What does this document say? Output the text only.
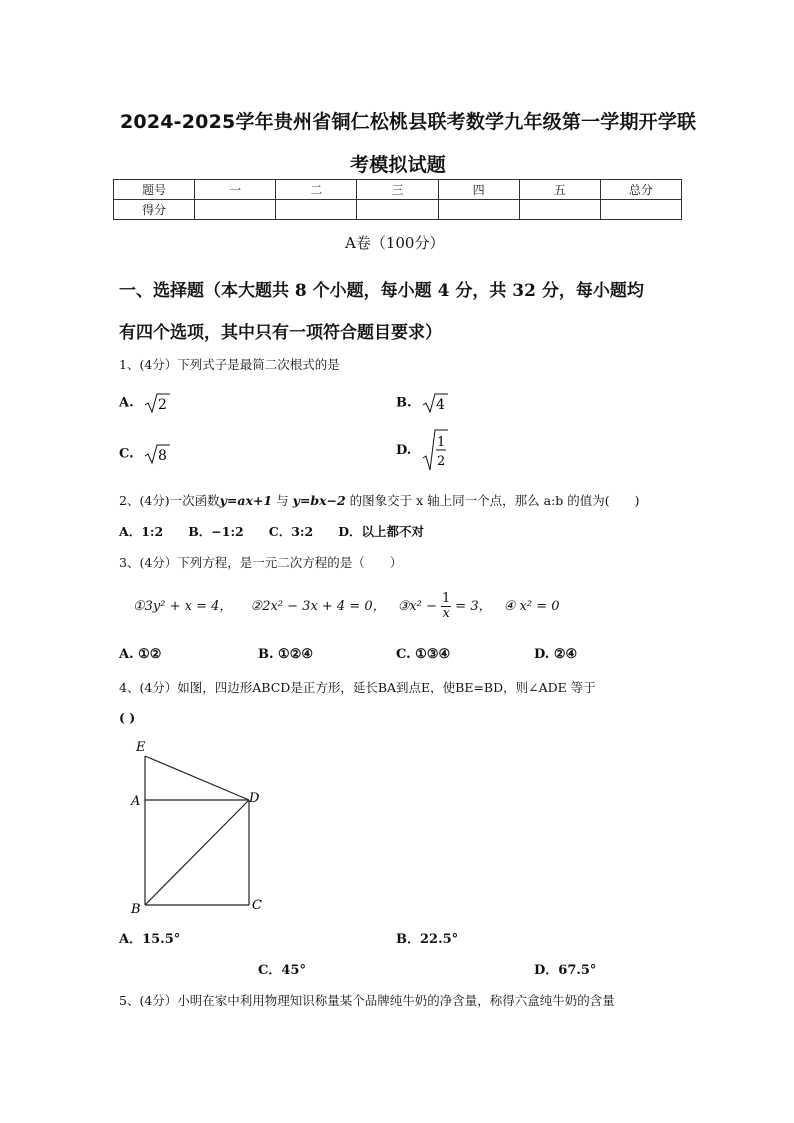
2024-2025学年贵州省铜仁松桃县联考数学九年级第一学期开学联
考模拟试题
题号	一	二	三	四	五	总分
得分						
A卷（100分）
一、选择题（本大题共 8 个小题，每小题 4 分，共 32 分，每小题均
有四个选项，其中只有一项符合题目要求）
1、(4分）下列式子是最简二次根式的是
A. 2	B. 4
C. 8	D.
1
2
2、(4分)一次函数y=ax+1 与 y=bx−2 的图象交于 x 轴上同一个点，那么 a:b 的值为(　　)
A．1:2　　B．−1:2　　C．3:2　　D．以上都不对
3、(4分）下列方程，是一元二次方程的是（　　）
①3y² + x = 4， ②2x² − 3x + 4 = 0， ③x² − $\frac{1}{x} = 3$， ④ x² = 0
A. ①②	B. ①②④	C. ①③④	D. ②④
4、(4分）如图，四边形ABCD是正方形，延长BA到点E，使BE=BD，则∠ADE 等于
( )
E
A	D
B	C
A．15.5°	B．22.5°
C．45°	D．67.5°
5、(4分）小明在家中利用物理知识称量某个品牌纯牛奶的净含量，称得六盒纯牛奶的含量
